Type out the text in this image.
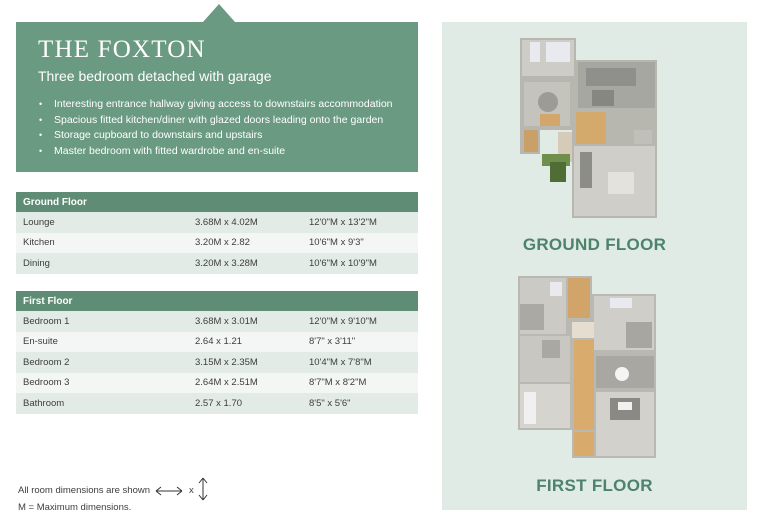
THE FOXTON
Three bedroom detached with garage
• Interesting entrance hallway giving access to downstairs accommodation
• Spacious fitted kitchen/diner with glazed doors leading onto the garden
• Storage cupboard to downstairs and upstairs
• Master bedroom with fitted wardrobe and en-suite
Ground Floor		
Lounge	3.68M x 4.02M	12'0"M x 13'2"M
Kitchen	3.20M x 2.82	10'6"M x 9'3"
Dining	3.20M x 3.28M	10'6"M x 10'9"M
First Floor		
Bedroom 1	3.68M x 3.01M	12'0"M x 9'10"M
En-suite	2.64 x 1.21	8'7" x 3'11"
Bedroom 2	3.15M x 2.35M	10'4"M x 7'8"M
Bedroom 3	2.64M x 2.51M	8'7"M x 8'2"M
Bathroom	2.57 x 1.70	8'5" x 5'6"
All room dimensions are shown	x
M = Maximum dimensions.
GROUND FLOOR
FIRST FLOOR
